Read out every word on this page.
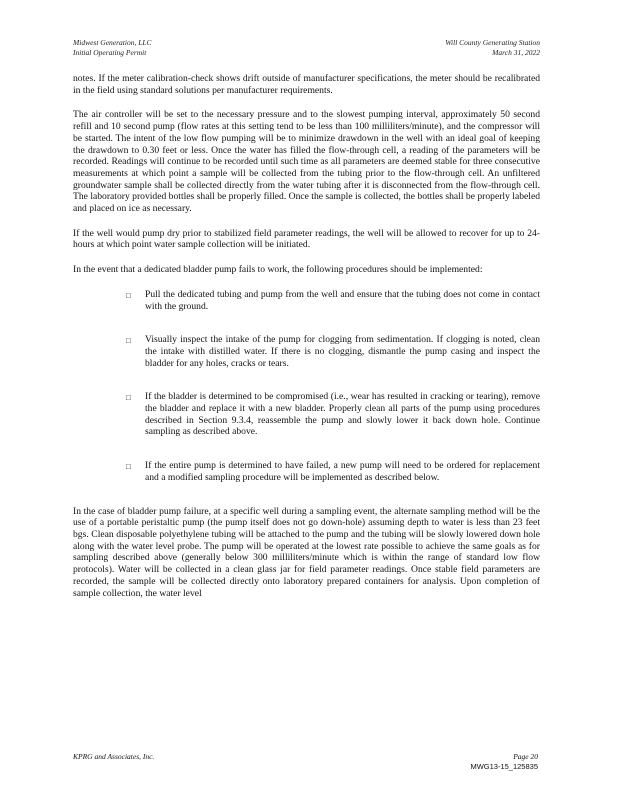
Midwest Generation, LLC
Initial Operating Permit
Will County Generating Station
March 31, 2022

notes. If the meter calibration-check shows drift outside of manufacturer specifications, the meter should be recalibrated in the field using standard solutions per manufacturer requirements.

The air controller will be set to the necessary pressure and to the slowest pumping interval, approximately 50 second refill and 10 second pump (flow rates at this setting tend to be less than 100 milliliters/minute), and the compressor will be started. The intent of the low flow pumping will be to minimize drawdown in the well with an ideal goal of keeping the drawdown to 0.30 feet or less. Once the water has filled the flow-through cell, a reading of the parameters will be recorded. Readings will continue to be recorded until such time as all parameters are deemed stable for three consecutive measurements at which point a sample will be collected from the tubing prior to the flow-through cell. An unfiltered groundwater sample shall be collected directly from the water tubing after it is disconnected from the flow-through cell. The laboratory provided bottles shall be properly filled. Once the sample is collected, the bottles shall be properly labeled and placed on ice as necessary.

If the well would pump dry prior to stabilized field parameter readings, the well will be allowed to recover for up to 24-hours at which point water sample collection will be initiated.

In the event that a dedicated bladder pump fails to work, the following procedures should be implemented:

□ Pull the dedicated tubing and pump from the well and ensure that the tubing does not come in contact with the ground.
□ Visually inspect the intake of the pump for clogging from sedimentation. If clogging is noted, clean the intake with distilled water. If there is no clogging, dismantle the pump casing and inspect the bladder for any holes, cracks or tears.
□ If the bladder is determined to be compromised (i.e., wear has resulted in cracking or tearing), remove the bladder and replace it with a new bladder. Properly clean all parts of the pump using procedures described in Section 9.3.4, reassemble the pump and slowly lower it back down hole. Continue sampling as described above.
□ If the entire pump is determined to have failed, a new pump will need to be ordered for replacement and a modified sampling procedure will be implemented as described below.

In the case of bladder pump failure, at a specific well during a sampling event, the alternate sampling method will be the use of a portable peristaltic pump (the pump itself does not go down-hole) assuming depth to water is less than 23 feet bgs. Clean disposable polyethylene tubing will be attached to the pump and the tubing will be slowly lowered down hole along with the water level probe. The pump will be operated at the lowest rate possible to achieve the same goals as for sampling described above (generally below 300 milliliters/minute which is within the range of standard low flow protocols). Water will be collected in a clean glass jar for field parameter readings. Once stable field parameters are recorded, the sample will be collected directly onto laboratory prepared containers for analysis. Upon completion of sample collection, the water level

KPRG and Associates, Inc.	Page 20
MWG13-15_125835
